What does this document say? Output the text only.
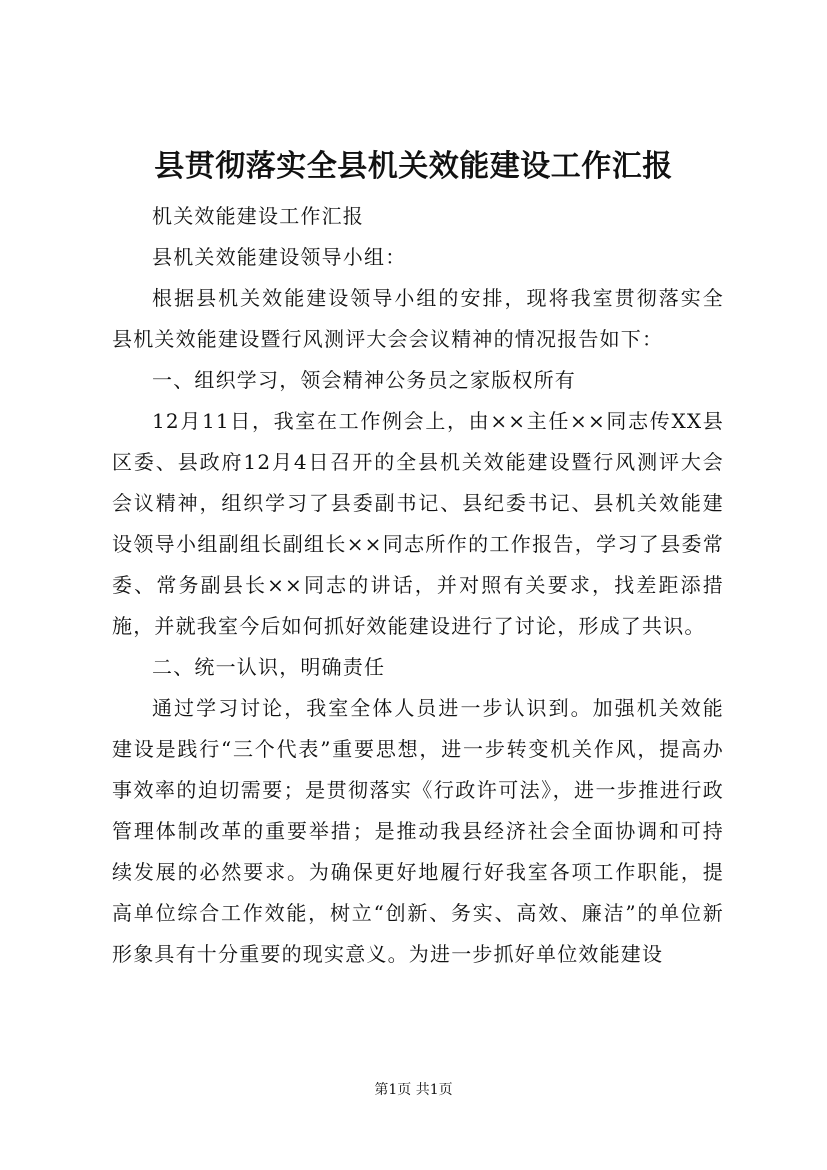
县贯彻落实全县机关效能建设工作汇报

机关效能建设工作汇报

县机关效能建设领导小组：

根据县机关效能建设领导小组的安排，现将我室贯彻落实全县机关效能建设暨行风测评大会会议精神的情况报告如下：

一、组织学习，领会精神公务员之家版权所有

12月11日，我室在工作例会上，由××主任××同志传XX县区委、县政府12月4日召开的全县机关效能建设暨行风测评大会会议精神，组织学习了县委副书记、县纪委书记、县机关效能建设领导小组副组长副组长××同志所作的工作报告，学习了县委常委、常务副县长××同志的讲话，并对照有关要求，找差距添措施，并就我室今后如何抓好效能建设进行了讨论，形成了共识。

二、统一认识，明确责任

通过学习讨论，我室全体人员进一步认识到。加强机关效能建设是践行“三个代表”重要思想，进一步转变机关作风，提高办事效率的迫切需要；是贯彻落实《行政许可法》，进一步推进行政管理体制改革的重要举措；是推动我县经济社会全面协调和可持续发展的必然要求。为确保更好地履行好我室各项工作职能，提高单位综合工作效能，树立“创新、务实、高效、廉洁”的单位新形象具有十分重要的现实意义。为进一步抓好单位效能建设

第1页 共1页
